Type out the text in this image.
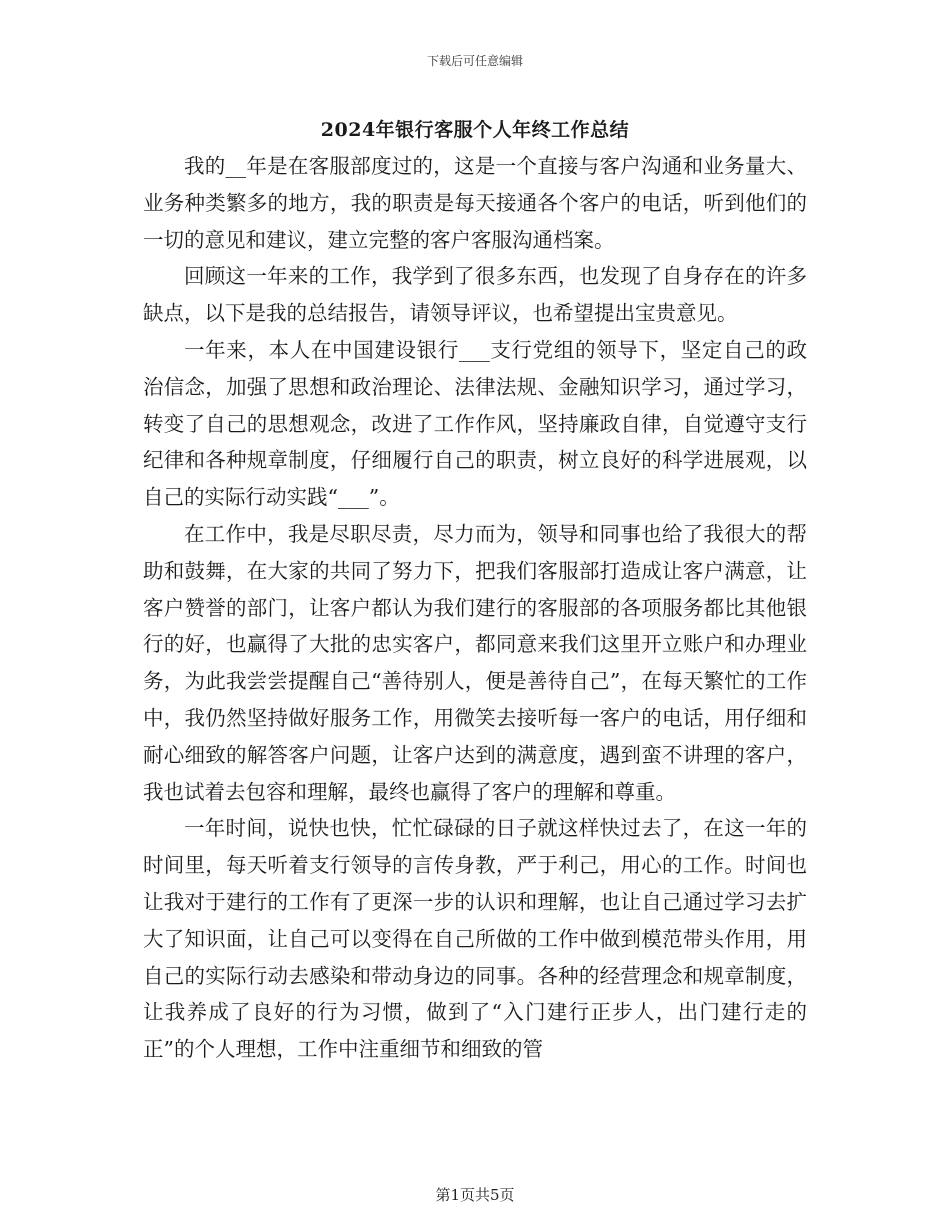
下载后可任意编辑
2024年银行客服个人年终工作总结

我的__年是在客服部度过的，这是一个直接与客户沟通和业务量大、业务种类繁多的地方，我的职责是每天接通各个客户的电话，听到他们的一切的意见和建议，建立完整的客户客服沟通档案。

回顾这一年来的工作，我学到了很多东西，也发现了自身存在的许多缺点，以下是我的总结报告，请领导评议，也希望提出宝贵意见。

一年来，本人在中国建设银行___支行党组的领导下，坚定自己的政治信念，加强了思想和政治理论、法律法规、金融知识学习，通过学习，转变了自己的思想观念，改进了工作作风，坚持廉政自律，自觉遵守支行纪律和各种规章制度，仔细履行自己的职责，树立良好的科学进展观，以自己的实际行动实践“___”。

在工作中，我是尽职尽责，尽力而为，领导和同事也给了我很大的帮助和鼓舞，在大家的共同了努力下，把我们客服部打造成让客户满意，让客户赞誉的部门，让客户都认为我们建行的客服部的各项服务都比其他银行的好，也赢得了大批的忠实客户，都同意来我们这里开立账户和办理业务，为此我尝尝提醒自己“善待别人，便是善待自己”，在每天繁忙的工作中，我仍然坚持做好服务工作，用微笑去接听每一客户的电话，用仔细和耐心细致的解答客户问题，让客户达到的满意度，遇到蛮不讲理的客户，我也试着去包容和理解，最终也赢得了客户的理解和尊重。

一年时间，说快也快，忙忙碌碌的日子就这样快过去了，在这一年的时间里，每天听着支行领导的言传身教，严于利己，用心的工作。时间也让我对于建行的工作有了更深一步的认识和理解，也让自己通过学习去扩大了知识面，让自己可以变得在自己所做的工作中做到模范带头作用，用自己的实际行动去感染和带动身边的同事。各种的经营理念和规章制度，让我养成了良好的行为习惯，做到了“入门建行正步人，出门建行走的正”的个人理想，工作中注重细节和细致的管

第1页共5页
